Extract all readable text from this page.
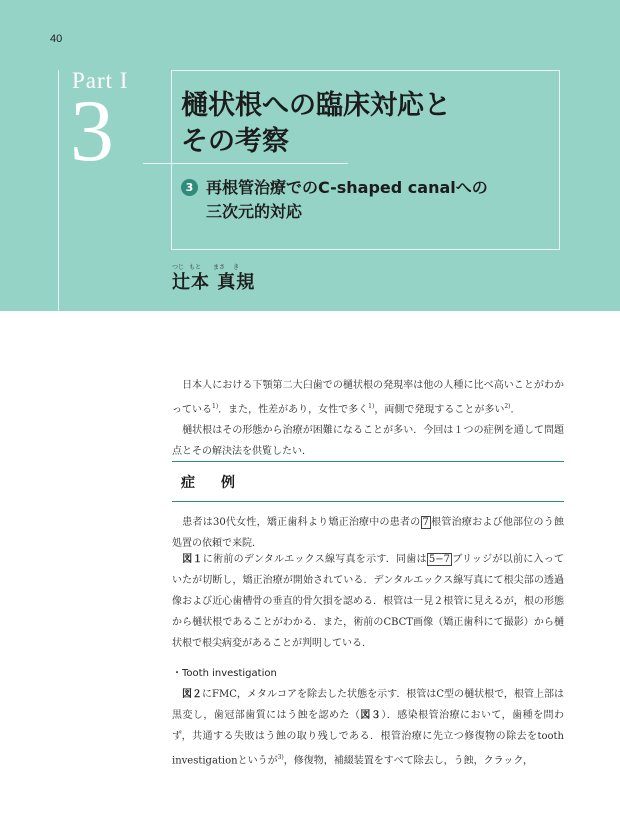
40
Part I
3 樋状根への臨床対応と
その考察
3 再根管治療でのC-shaped canalへの
三次元的対応
つじ もと まさ き
辻本 真規

　日本人における下顎第二大臼歯での樋状根の発現率は他の人種に比べ高いことがわかっている$^{1)}$．また，性差があり，女性で多く$^{1)}$，両側で発現することが多い$^{2)}$．

　樋状根はその形態から治療が困難になることが多い．今回は１つの症例を通して問題点とその解決法を供覧したい．

症　例

　患者は30代女性，矯正歯科より矯正治療中の患者の 7 根管治療および他部位のう蝕処置の依頼で来院．

　図１に術前のデンタルエックス線写真を示す．同歯は 5−7 ブリッジが以前に入っていたが切断し，矯正治療が開始されている．デンタルエックス線写真にて根尖部の透過像および近心歯槽骨の垂直的骨欠損を認める．根管は一見２根管に見えるが，根の形態から樋状根であることがわかる．また，術前のCBCT画像（矯正歯科にて撮影）から樋状根で根尖病変があることが判明している．

・Tooth investigation

　図２にFMC，メタルコアを除去した状態を示す．根管はC型の樋状根で，根管上部は黒変し，歯冠部歯質にはう蝕を認めた（図３）．感染根管治療において，歯種を問わず，共通する失敗はう蝕の取り残しである．根管治療に先立つ修復物の除去をtooth investigationというが$^{3)}$，修復物，補綴装置をすべて除去し，う蝕，クラック，
